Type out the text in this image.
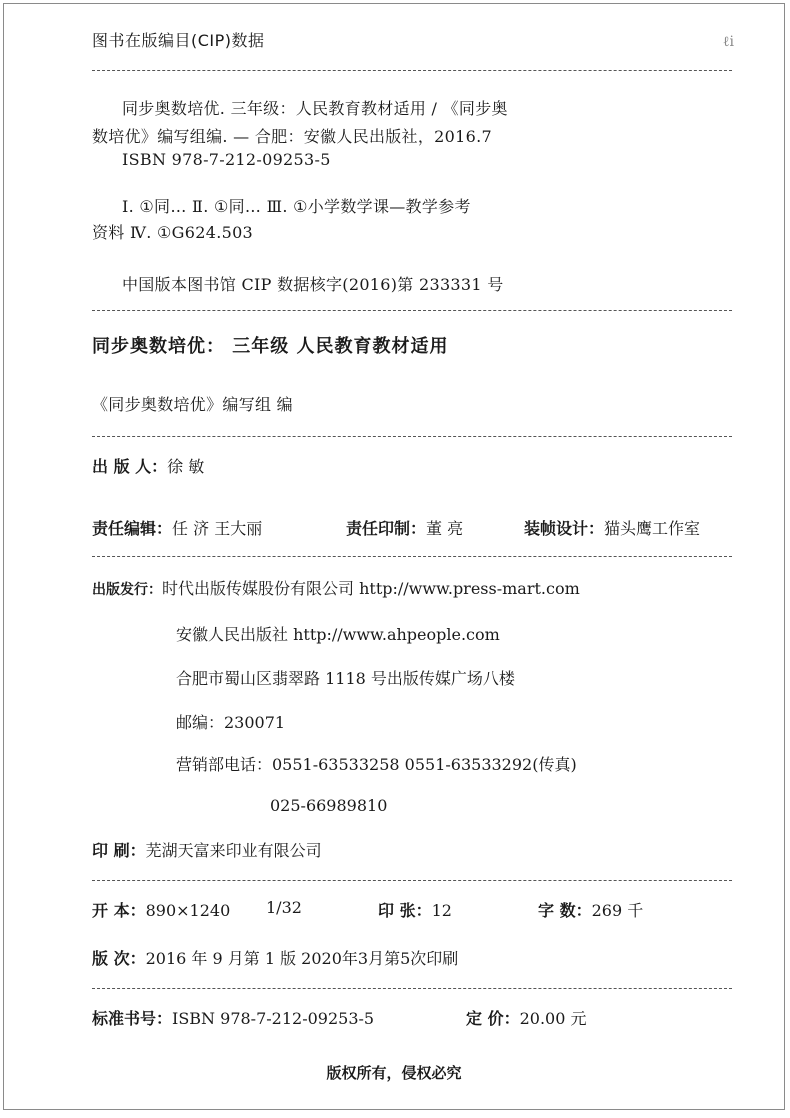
图书在版编目(CIP)数据	ℓi
同步奥数培优. 三年级：人民教育教材适用 / 《同步奥
数培优》编写组编. — 合肥：安徽人民出版社，2016.7
ISBN 978-7-212-09253-5
Ⅰ. ①同… Ⅱ. ①同… Ⅲ. ①小学数学课—教学参考
资料 Ⅳ. ①G624.503
中国版本图书馆 CIP 数据核字(2016)第 233331 号
同步奥数培优： 三年级 人民教育教材适用
《同步奥数培优》编写组 编
出 版 人：徐 敏
责任编辑：任 济 王大丽	责任印制：董 亮	装帧设计：猫头鹰工作室
出版发行：时代出版传媒股份有限公司 http://www.press-mart.com
安徽人民出版社 http://www.ahpeople.com
合肥市蜀山区翡翠路 1118 号出版传媒广场八楼
邮编：230071
营销部电话：0551-63533258 0551-63533292(传真)
025-66989810
印 刷：芜湖天富来印业有限公司
开 本：890×1240 1/32	印 张：12	字 数：269 千
版 次：2016 年 9 月第 1 版 2020年3月第5次印刷
标准书号：ISBN 978-7-212-09253-5	定 价：20.00 元
版权所有，侵权必究
